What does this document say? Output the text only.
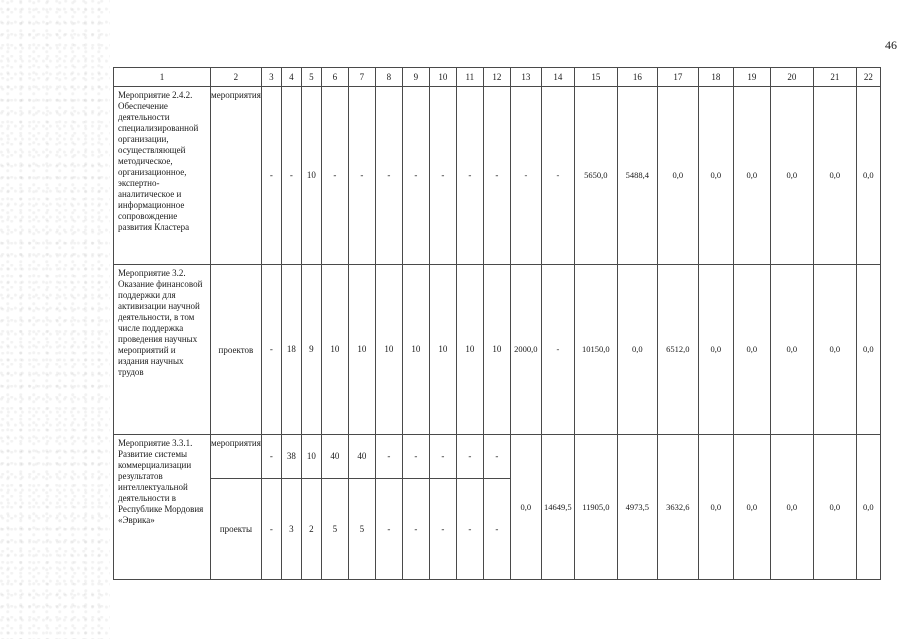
46
1	2	3	4	5	6	7	8	9	10	11	12	13	14	15	16	17	18	19	20	21	22
Мероприятие 2.4.2. Обеспечение деятельности специализированной организации, осуществляющей методическое, организационное, экспертно-аналитическое и информационное сопровождение развития Кластера	мероприятия	-	-	10	-	-	-	-	-	-	-	-	-	5650,0	5488,4	0,0	0,0	0,0	0,0	0,0	0,0
Мероприятие 3.2. Оказание финансовой поддержки для активизации научной деятельности, в том числе поддержка проведения научных мероприятий и издания научных трудов	проектов	-	18	9	10	10	10	10	10	10	10	2000,0	-	10150,0	0,0	6512,0	0,0	0,0	0,0	0,0	0,0
Мероприятие 3.3.1. Развитие системы коммерциализации результатов интеллектуальной деятельности в Республике Мордовия «Эврика»	мероприятия	-	38	10	40	40	-	-	-	-	-	0,0	14649,5	11905,0	4973,5	3632,6	0,0	0,0	0,0	0,0	0,0
	проекты	-	3	2	5	5	-	-	-	-	-										
